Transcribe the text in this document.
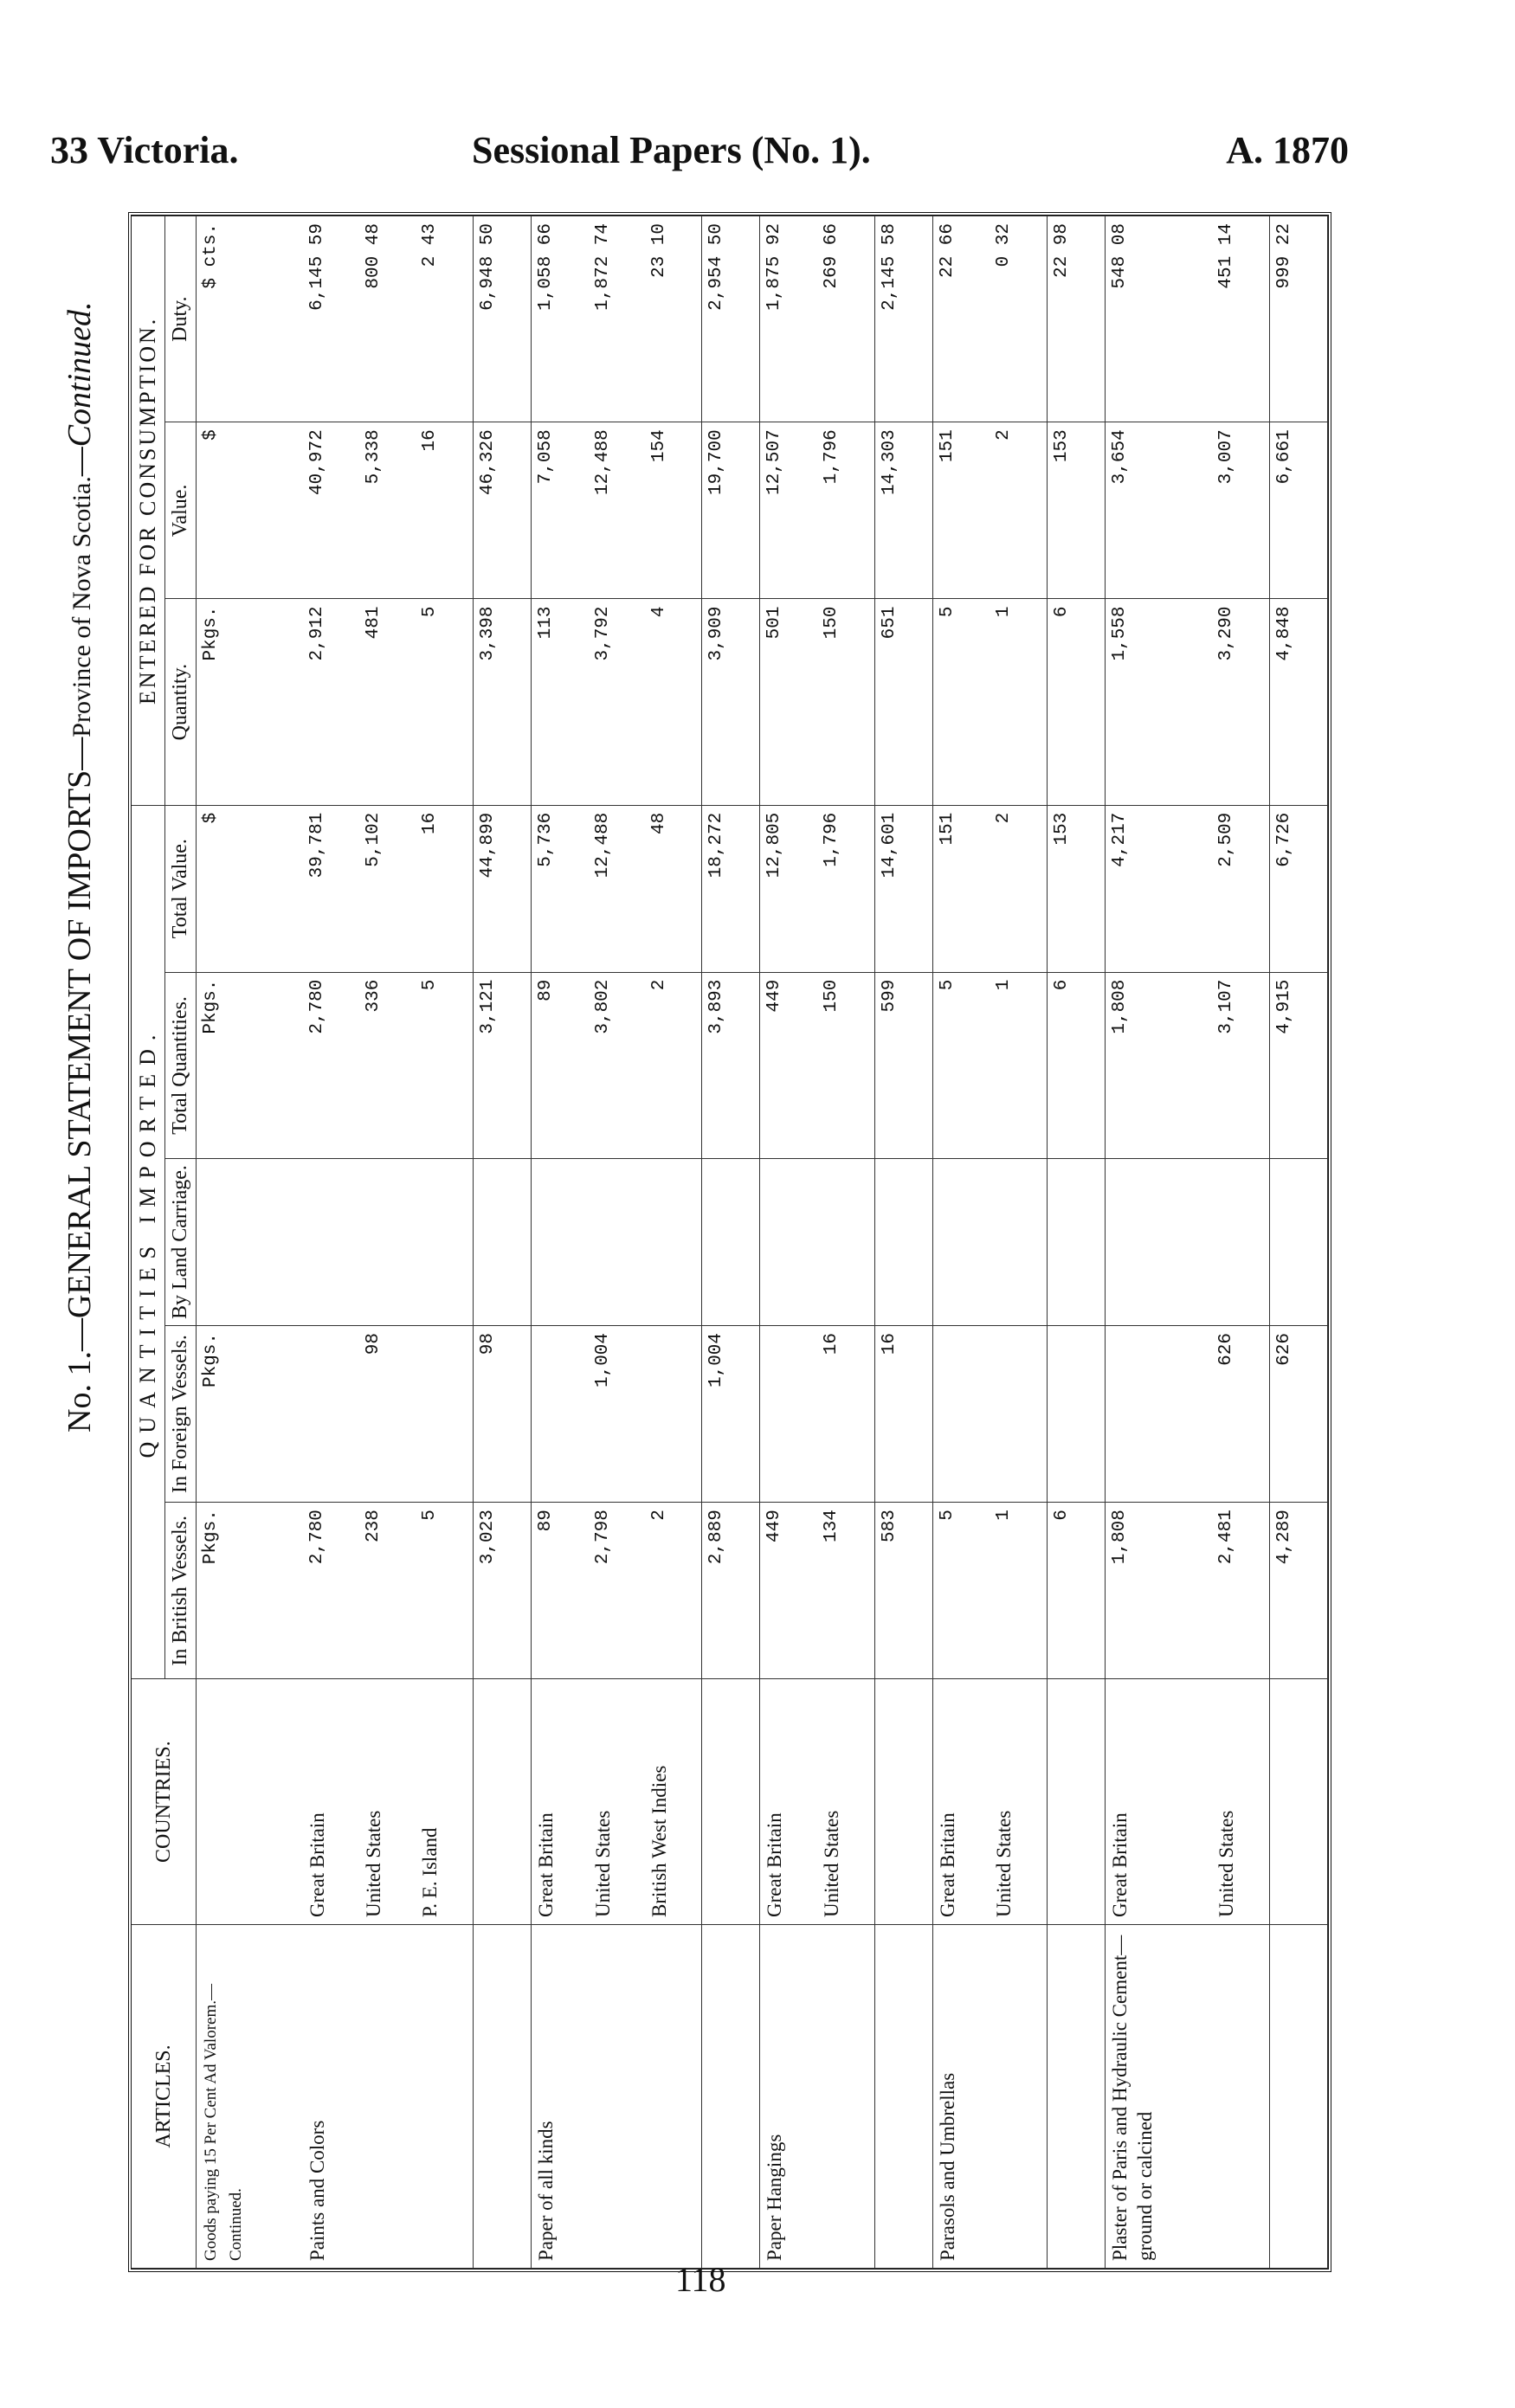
33 Victoria.	Sessional Papers (No. 1).	A. 1870
No. 1.—GENERAL STATEMENT OF IMPORTS—Province of Nova Scotia.—Continued.
ARTICLES.	COUNTRIES.	QUANTITIES IMPORTED.					ENTERED FOR CONSUMPTION.		
		In British Vessels.	In Foreign Vessels.	By Land Carriage.	Total Quantities.	Total Value.	Quantity.	Value.	Duty.
Goods paying 15 Per Cent Ad Valorem.—Continued.		Pkgs.	Pkgs.		Pkgs.	$	Pkgs.	$	$ cts.
Paints and Colors	Great Britain	2,780			2,780	39,781	2,912	40,972	6,145 59
	United States	238	98		336	5,102	481	5,338	800 48
	P. E. Island	5			5	16	5	16	2 43
		3,023	98		3,121	44,899	3,398	46,326	6,948 50
Paper of all kinds	Great Britain	89			89	5,736	113	7,058	1,058 66
	United States	2,798	1,004		3,802	12,488	3,792	12,488	1,872 74
	British West Indies	2			2	48	4	154	23 10
		2,889	1,004		3,893	18,272	3,909	19,700	2,954 50
Paper Hangings	Great Britain	449			449	12,805	501	12,507	1,875 92
	United States	134	16		150	1,796	150	1,796	269 66
		583	16		599	14,601	651	14,303	2,145 58
Parasols and Umbrellas	Great Britain	5			5	151	5	151	22 66
	United States	1			1	2	1	2	0 32
		6			6	153	6	153	22 98
Plaster of Paris and Hydraulic Cement—ground or calcined	Great Britain	1,808			1,808	4,217	1,558	3,654	548 08
	United States	2,481	626		3,107	2,509	3,290	3,007	451 14
		4,289	626		4,915	6,726	4,848	6,661	999 22
118
